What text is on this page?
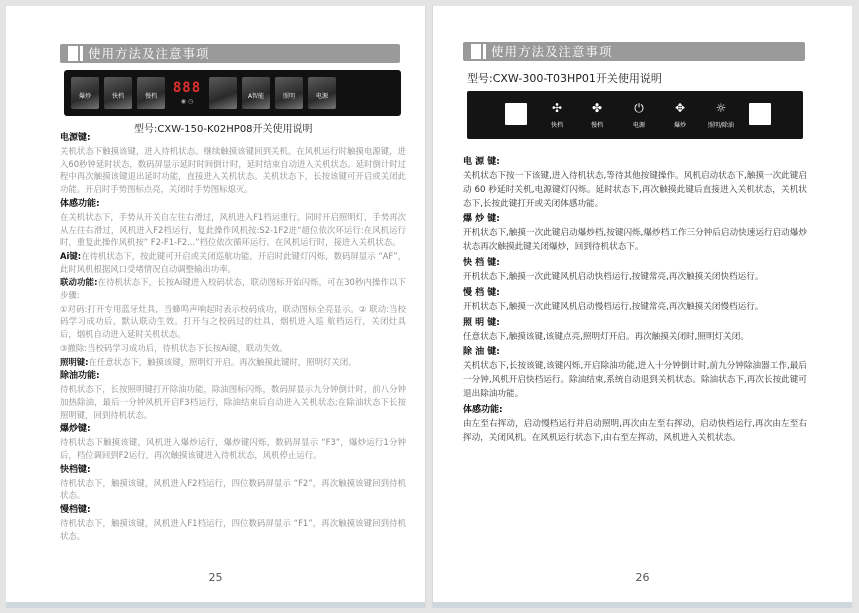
使用方法及注意事项
爆炒	快档	慢档
888
◉ ◷
A智能	照明	电源
型号:CXW-150-K02HP08开关使用说明
电源键:

关机状态下触摸该键，进入待机状态。继续触摸该键回到关机。在风机运行时触摸电源键，进入60秒钟延时状态，数码屏显示延时时间倒计时，延时结束自动进入关机状态。延时倒计时过程中再次触摸该键退出延时功能，直接进入关机状态。关机状态下，长按该键可开启或关闭此功能。开启时手势图标点亮，关闭时手势图标熄灭。

体感功能:

在关机状态下，手势从开关自左往右滑过，风机进入F1档运重行。同时开启照明灯，手势再次从左往右滑过，风机进入F2档运行，复此操作风机按:S2-1F2进“超位依次环运行:在风机运行时，重复此操作风机按” F2-F1-F2...”档位依次循环运行。在风机运行时，接进入关机状态。

Ai键:在待机状态下，按此键可开启或关闭巡航功能，开启时此键灯闪烁，数码屏显示 “AF”，此时风机根据风口受堵情况自动调整输出功率。

联动功能:在待机状态下，长按Ai键进入校码状态，联动图标开始闪烁，可在30秒内操作以下步骤:

①对码:打开专用蓝牙灶具，当蜂鸣声响起时表示校码成功，联动图标全亮显示。② 联动:当校码学习成功后，默认联动生效。打开与之校码过的灶具，烟机进入巡 航档运行，关闭灶具后，烟机自动进入延时关机状态。

③撤除:当校码学习成功后，待机状态下长按Ai键，联动失效。

照明键:在任意状态下，触摸该键，照明灯开启。再次触摸此键时，照明灯关闭。

除油功能:

待机状态下，长按照明键打开除油功能，除油图标闪烁，数码屏显示九分钟倒计时，前八分钟加热除油，最后一分钟风机开启F3档运行，除油结束后自动进入关机状态;在除油状态下长按照明键，回到待机状态。

爆炒键:

待机状态下触摸该键，风机进入爆炒运行，爆炒键闪烁，数码屏显示 “F3”，爆炒运行1分钟后，档位调回到F2运行，再次触摸该键进入待机状态，风机停止运行。

快档键:

待机状态下，触摸该键，风机进入F2档运行，四位数码屏显示 “F2”，再次触摸该键回到待机状态。

慢档键:

待机状态下，触摸该键，风机进入F1档运行，四位数码屏显示 “F1”，再次触摸该键回到待机状态。

25
使用方法及注意事项
型号:CXW-300-T03HP01开关使用说明
✣
快档
✤
慢档
⏻
电源
✥
爆炒
☼
照明/除油
电 源 键:

关机状态下按一下该键,进入待机状态,等待其他按键操作。风机启动状态下,触摸一次此键启动 60 秒延时关机,电源键灯闪烁。延时状态下,再次触摸此键后直接进入关机状态，关机状态下,长按此键打开或关闭体感功能。

爆 炒 键:

开机状态下,触摸一次此键启动爆炒档,按键闪烁,爆炒档工作三分钟后启动快速运行启动爆炒状态再次触摸此键关闭爆炒，回到待机状态下。

快 档 键:

开机状态下,触摸一次此键风机启动快档运行,按键常亮,再次触摸关闭快档运行。

慢 档 键:

开机状态下,触摸一次此键风机启动慢档运行,按键常亮,再次触摸关闭慢档运行。

照 明 键:

任意状态下,触摸该键,该键点亮,照明灯开启。再次触摸关闭时,照明灯关闭。

除 油 键:

关机状态下,长按该键,该键闪烁,开启除油功能,进入十分钟倒计时,前九分钟除油器工作,最后一分钟,风机开启快档运行。除油结束,系统自动退到关机状态。除油状态下,再次长按此键可退出除油功能。

体感功能:

由左至右挥动，启动慢档运行并启动照明,再次由左至右挥动，启动快档运行,再次由左至右挥动，关闭风机。在风机运行状态下,由右至左挥动，风机进入关机状态。

26
